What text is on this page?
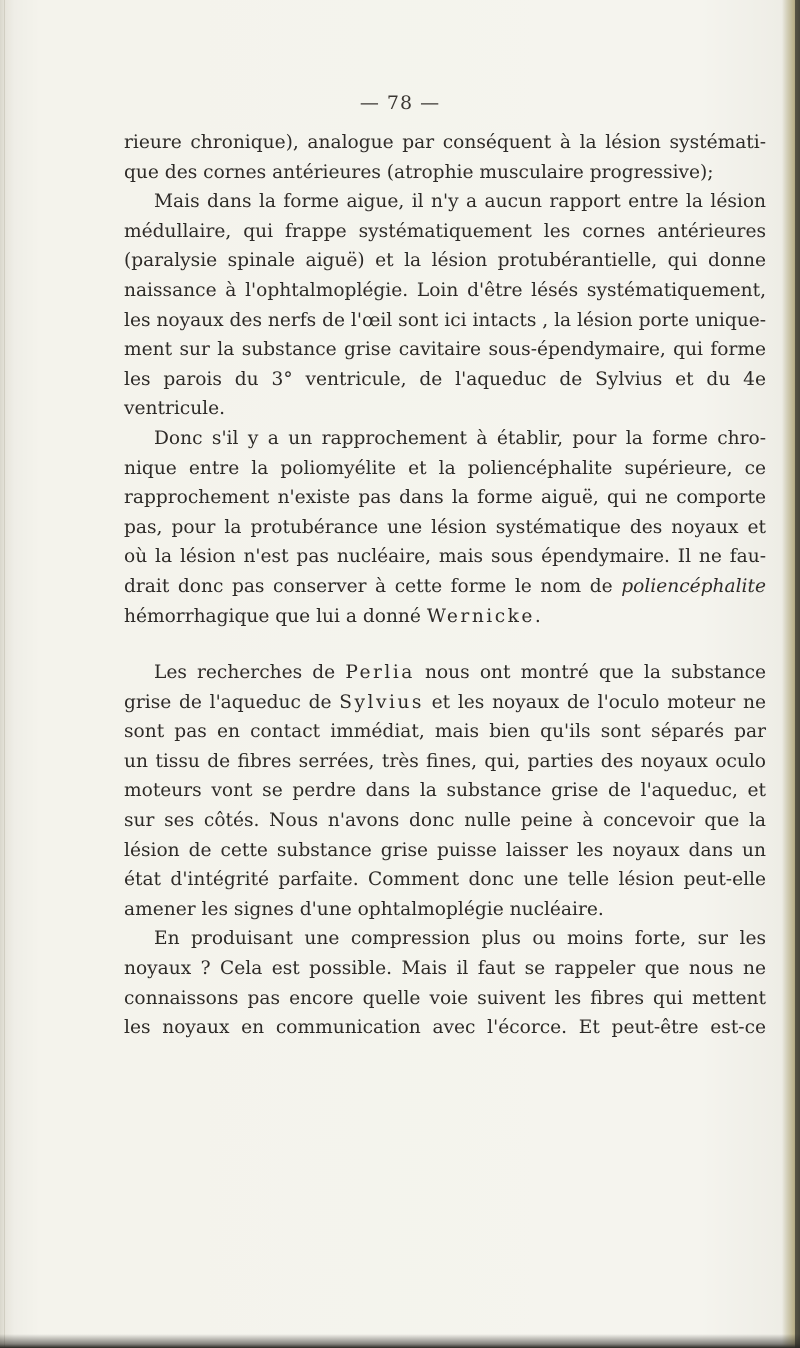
— 78 —
rieure chronique), analogue par conséquent à la lésion systémati-
que des cornes antérieures (atrophie musculaire progressive);
Mais dans la forme aigue, il n'y a aucun rapport entre la lésion
médullaire, qui frappe systématiquement les cornes antérieures
(paralysie spinale aiguë) et la lésion protubérantielle, qui donne
naissance à l'ophtalmoplégie. Loin d'être lésés systématiquement,
les noyaux des nerfs de l'œil sont ici intacts , la lésion porte unique-
ment sur la substance grise cavitaire sous-épendymaire, qui forme
les parois du 3° ventricule, de l'aqueduc de Sylvius et du 4e
ventricule.
Donc s'il y a un rapprochement à établir, pour la forme chro-
nique entre la poliomyélite et la poliencéphalite supérieure, ce
rapprochement n'existe pas dans la forme aiguë, qui ne comporte
pas, pour la protubérance une lésion systématique des noyaux et
où la lésion n'est pas nucléaire, mais sous épendymaire. Il ne fau-
drait donc pas conserver à cette forme le nom de poliencéphalite
hémorrhagique que lui a donné Wernicke.
Les recherches de Perlia nous ont montré que la substance
grise de l'aqueduc de Sylvius et les noyaux de l'oculo moteur ne
sont pas en contact immédiat, mais bien qu'ils sont séparés par
un tissu de fibres serrées, très fines, qui, parties des noyaux oculo
moteurs vont se perdre dans la substance grise de l'aqueduc, et
sur ses côtés. Nous n'avons donc nulle peine à concevoir que la
lésion de cette substance grise puisse laisser les noyaux dans un
état d'intégrité parfaite. Comment donc une telle lésion peut-elle
amener les signes d'une ophtalmoplégie nucléaire.
En produisant une compression plus ou moins forte, sur les
noyaux ? Cela est possible. Mais il faut se rappeler que nous ne
connaissons pas encore quelle voie suivent les fibres qui mettent
les noyaux en communication avec l'écorce. Et peut-être est-ce
